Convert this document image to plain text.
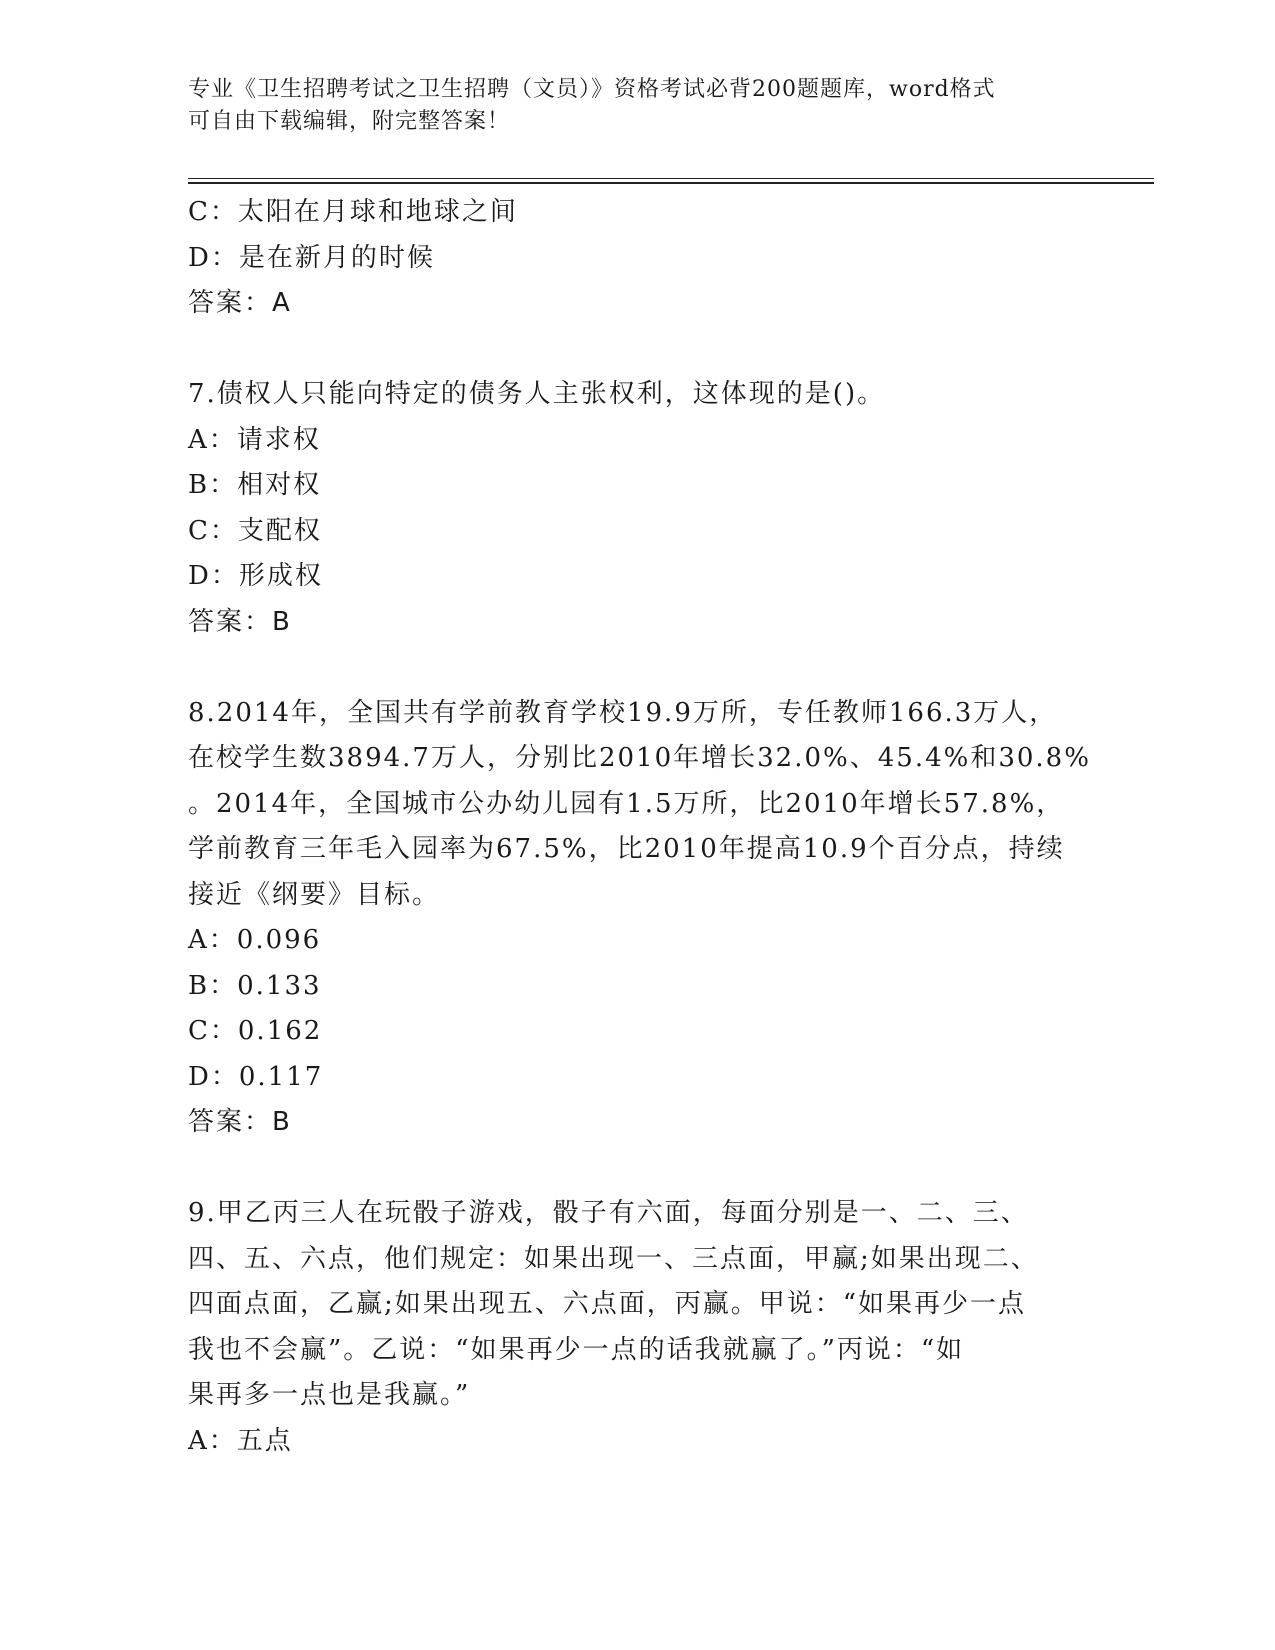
专业《卫生招聘考试之卫生招聘（文员）》资格考试必背200题题库，word格式
可自由下载编辑，附完整答案！
C：太阳在月球和地球之间
D：是在新月的时候
答案：A
7.债权人只能向特定的债务人主张权利，这体现的是()。
A：请求权
B：相对权
C：支配权
D：形成权
答案：B
8.2014年，全国共有学前教育学校19.9万所，专任教师166.3万人，
在校学生数3894.7万人，分别比2010年增长32.0%、45.4%和30.8%
。2014年，全国城市公办幼儿园有1.5万所，比2010年增长57.8%，
学前教育三年毛入园率为67.5%，比2010年提高10.9个百分点，持续
接近《纲要》目标。
A：0.096
B：0.133
C：0.162
D：0.117
答案：B
9.甲乙丙三人在玩骰子游戏，骰子有六面，每面分别是一、二、三、
四、五、六点，他们规定：如果出现一、三点面，甲赢;如果出现二、
四面点面，乙赢;如果出现五、六点面，丙赢。甲说：“如果再少一点
我也不会赢”。乙说：“如果再少一点的话我就赢了。”丙说：“如
果再多一点也是我赢。”
A：五点
